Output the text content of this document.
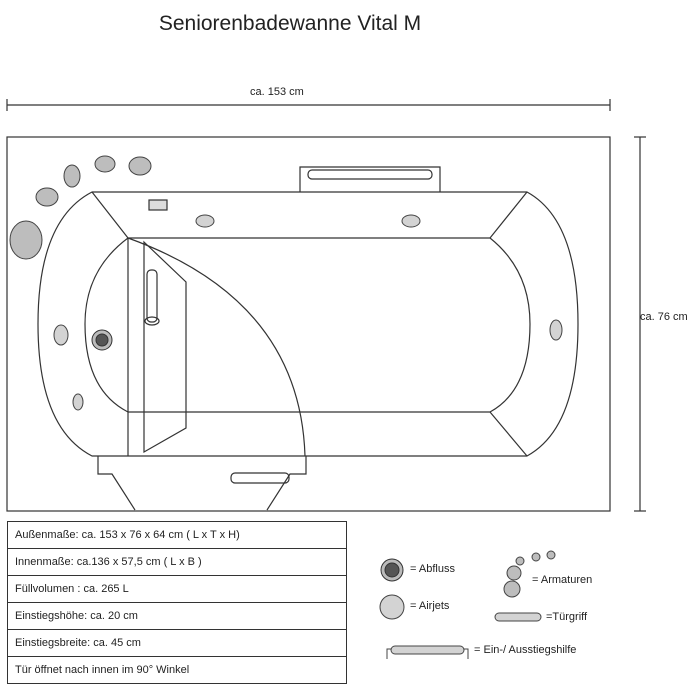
Seniorenbadewanne Vital M
ca. 153 cm
ca. 76 cm
Außenmaße: ca. 153 x 76 x 64 cm ( L x T x H)
Innenmaße: ca.136 x 57,5 cm ( L x B )
Füllvolumen : ca. 265 L
Einstiegshöhe: ca. 20 cm
Einstiegsbreite: ca. 45 cm
Tür öffnet nach innen im 90° Winkel
= Abfluss
= Airjets
= Armaturen
=Türgriff
= Ein-/ Ausstiegshilfe
